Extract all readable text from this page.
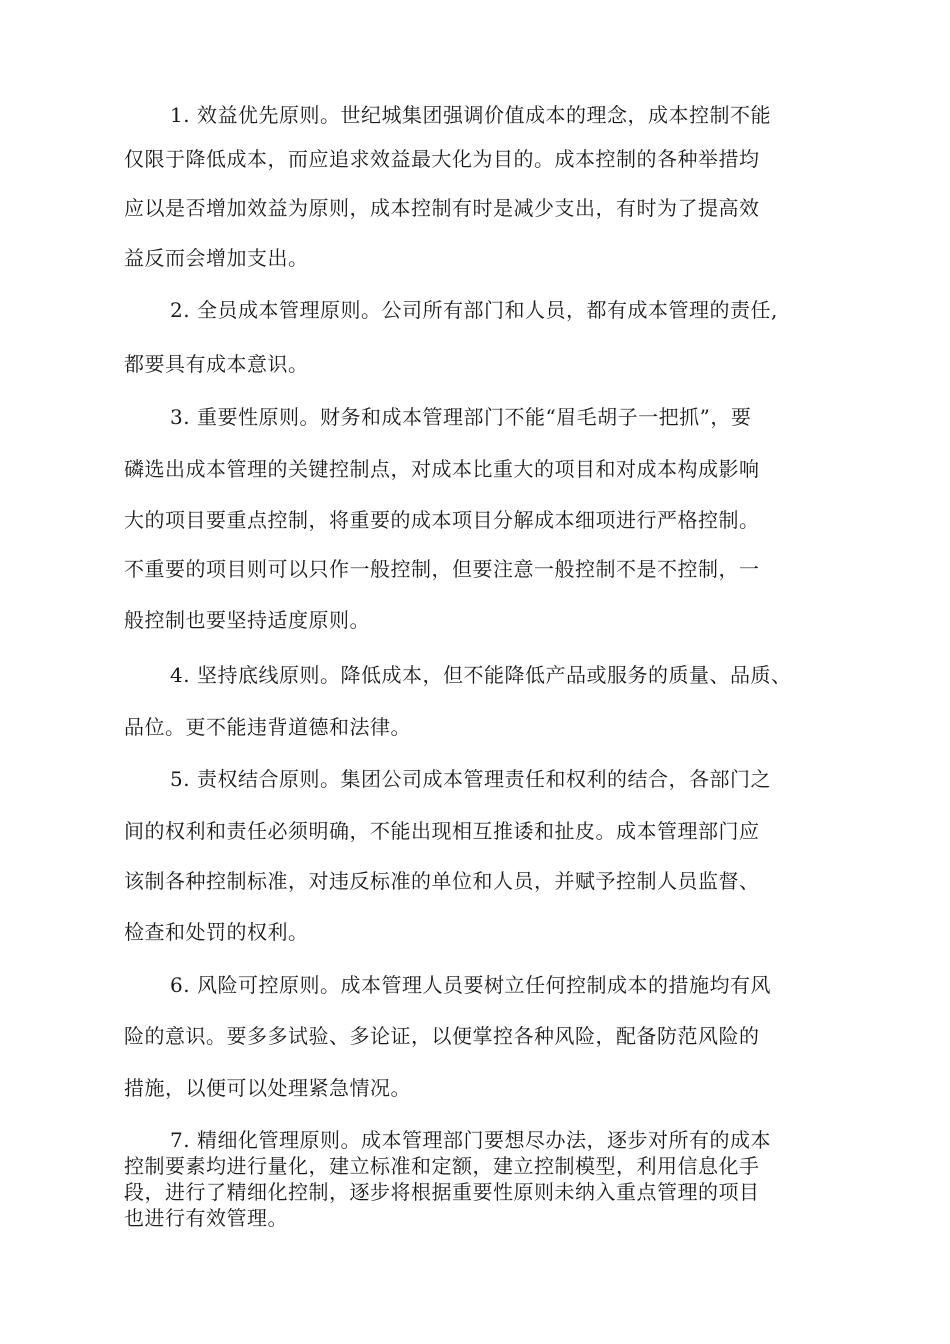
1. 效益优先原则。世纪城集团强调价值成本的理念，成本控制不能

仅限于降低成本，而应追求效益最大化为目的。成本控制的各种举措均

应以是否增加效益为原则，成本控制有时是减少支出，有时为了提高效

益反而会增加支出。

2. 全员成本管理原则。公司所有部门和人员，都有成本管理的责任,

都要具有成本意识。

3. 重要性原则。财务和成本管理部门不能“眉毛胡子一把抓”，要

磷选出成本管理的关键控制点，对成本比重大的项目和对成本构成影响

大的项目要重点控制，将重要的成本项目分解成本细项进行严格控制。

不重要的项目则可以只作一般控制，但要注意一般控制不是不控制，一

般控制也要坚持适度原则。

4. 坚持底线原则。降低成本，但不能降低产品或服务的质量、品质、

品位。更不能违背道德和法律。

5. 责权结合原则。集团公司成本管理责任和权利的结合，各部门之

间的权利和责任必须明确，不能出现相互推诿和扯皮。成本管理部门应

该制各种控制标准，对违反标准的单位和人员，并赋予控制人员监督、

检查和处罚的权利。

6. 风险可控原则。成本管理人员要树立任何控制成本的措施均有风

险的意识。要多多试验、多论证，以便掌控各种风险，配备防范风险的

措施，以便可以处理紧急情况。

7. 精细化管理原则。成本管理部门要想尽办法，逐步对所有的成本

控制要素均进行量化，建立标准和定额，建立控制模型，利用信息化手

段，进行了精细化控制，逐步将根据重要性原则未纳入重点管理的项目

也进行有效管理。
